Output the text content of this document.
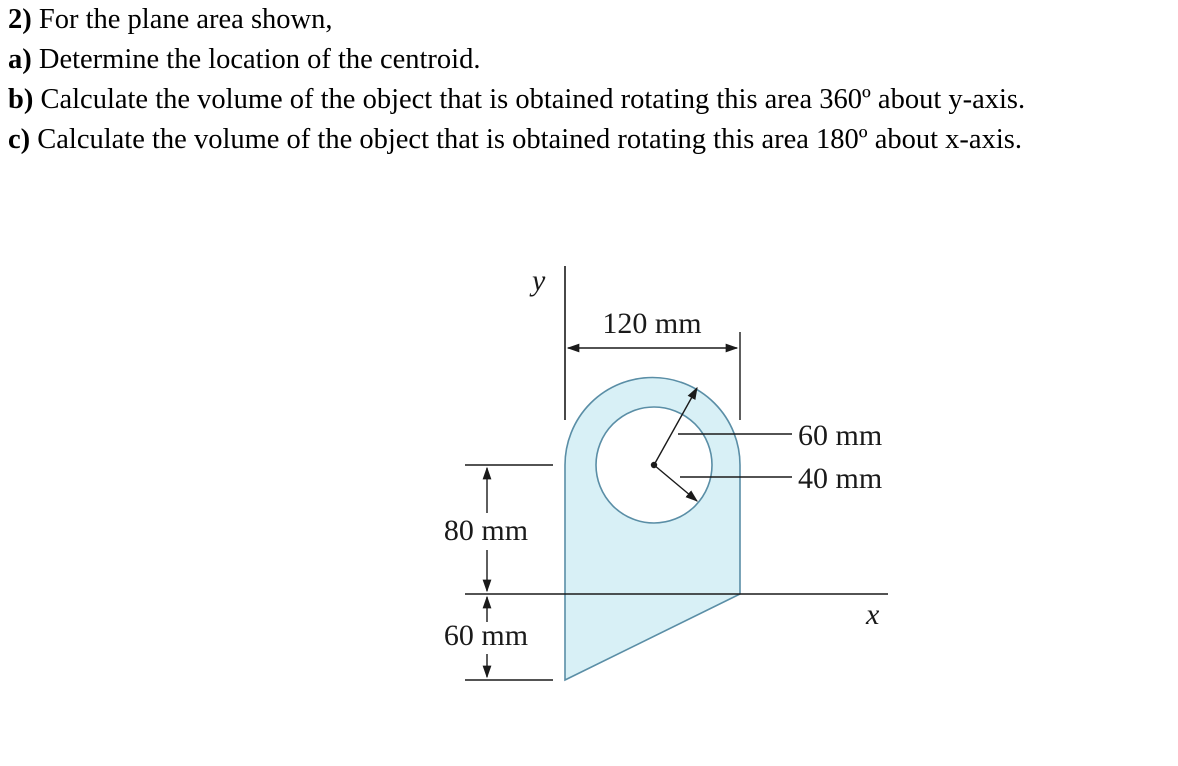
2) For the plane area shown,
a) Determine the location of the centroid.
b) Calculate the volume of the object that is obtained rotating this area 360º about y-axis.
c) Calculate the volume of the object that is obtained rotating this area 180º about x-axis.
y
x
120 mm
60 mm
40 mm
80 mm
60 mm
